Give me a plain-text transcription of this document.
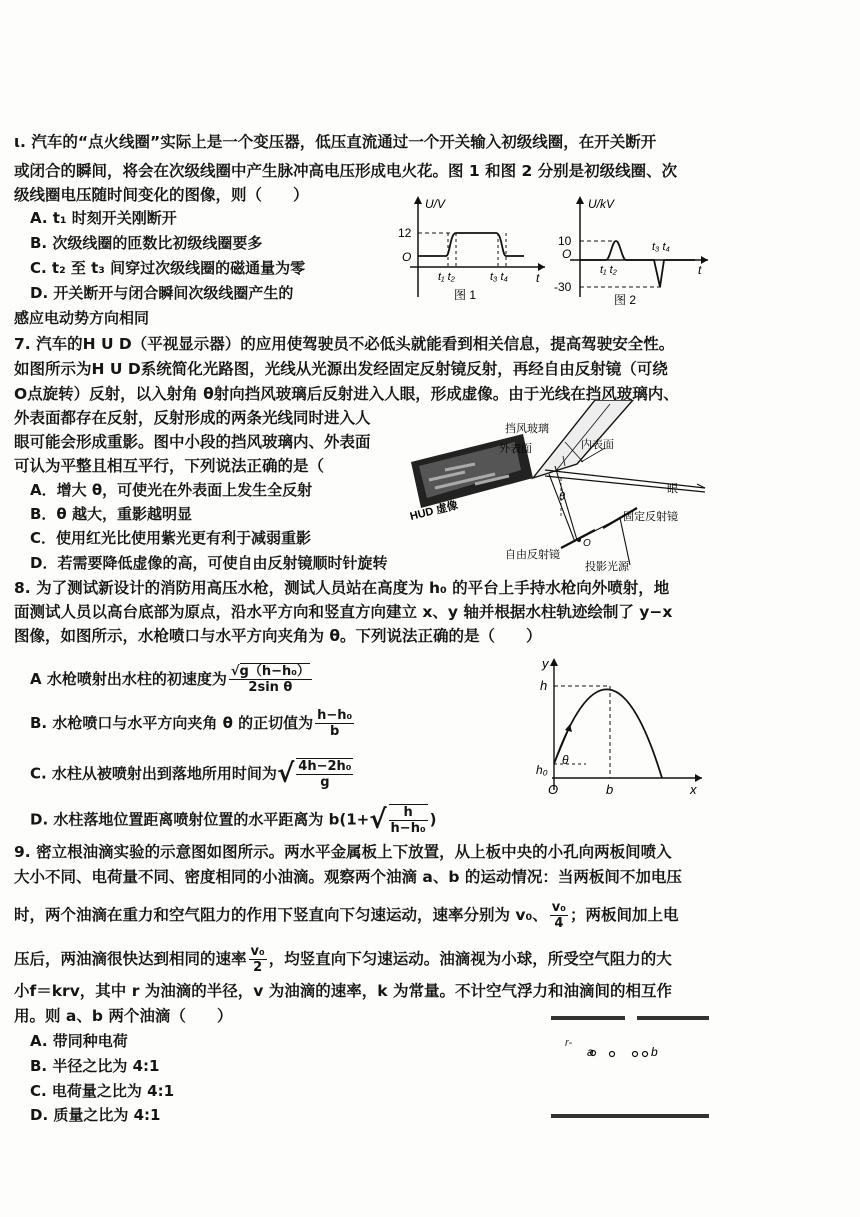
ι. 汽车的“点火线圈”实际上是一个变压器，低压直流通过一个开关输入初级线圈，在开关断开
或闭合的瞬间，将会在次级线圈中产生脉冲高电压形成电火花。图 1 和图 2 分别是初级线圈、次
级线圈电压随时间变化的图像，则（　　）
A. t₁ 时刻开关刚断开
B. 次级线圈的匝数比初级线圈要多
C. t₂ 至 t₃ 间穿过次级线圈的磁通量为零
D. 开关断开与闭合瞬间次级线圈产生的
感应电动势方向相同
U/V
12
O
t₁ t₂	t₃ t₄ t
图 1
U/kV
10
O
-30
t₁ t₂
t₃ t₄
t
图 2
7. 汽车的H U D（平视显示器）的应用使驾驶员不必低头就能看到相关信息，提高驾驶安全性。
如图所示为H U D系统简化光路图，光线从光源出发经固定反射镜反射，再经自由反射镜（可绕
O点旋转）反射，以入射角 θ射向挡风玻璃后反射进入人眼，形成虚像。由于光线在挡风玻璃内、
外表面都存在反射，反射形成的两条光线同时进入人
眼可能会形成重影。图中小段的挡风玻璃内、外表面
可认为平整且相互平行，下列说法正确的是（
A．增大 θ，可使光在外表面上发生全反射
B．θ 越大，重影越明显
C．使用红光比使用紫光更有利于减弱重影
D．若需要降低虚像的高，可使自由反射镜顺时针旋转
挡风玻璃
外表面	内表面
HUD 虚像
眼
固定反射镜
自由反射镜
投影光源
θ
O
8. 为了测试新设计的消防用高压水枪，测试人员站在高度为 h₀ 的平台上手持水枪向外喷射，地
面测试人员以高台底部为原点，沿水平方向和竖直方向建立 x、y 轴并根据水柱轨迹绘制了 y−x
图像，如图所示，水枪喷口与水平方向夹角为 θ。下列说法正确的是（　　）
A 水枪喷射出水柱的初速度为 $\frac{\text{√g（h−h₀）}}{\text{2sin θ}}$
B. 水枪喷口与水平方向夹角 θ 的正切值为 $\frac{\text{h−h₀}}{b}$
C. 水柱从被喷射出到落地所用时间为√ $\frac{\text{4h−2h₀}}{g}$
D. 水柱落地位置距离喷射位置的水平距离为 $b(1+√ \frac{h}{\text{h−h₀}}$ )
y
h
h₀
θ
O	b	x
9. 密立根油滴实验的示意图如图所示。两水平金属板上下放置，从上板中央的小孔向两板间喷入
大小不同、电荷量不同、密度相同的小油滴。观察两个油滴 a、b 的运动情况：当两板间不加电压
时，两个油滴在重力和空气阻力的作用下竖直向下匀速运动，速率分别为 v₀、 $\frac{\text{v₀}}{4}$ ；两板间加上电
压后，两油滴很快达到相同的速率 $\frac{\text{v₀}}{2}$ ，均竖直向下匀速运动。油滴视为小球，所受空气阻力的大
小f＝krv，其中 r 为油滴的半径，v 为油滴的速率，k 为常量。不计空气浮力和油滴间的相互作
用。则 a、b 两个油滴（　　）
A. 带同种电荷
B. 半径之比为 4:1
C. 电荷量之比为 4:1
D. 质量之比为 4:1
r-
a	b
